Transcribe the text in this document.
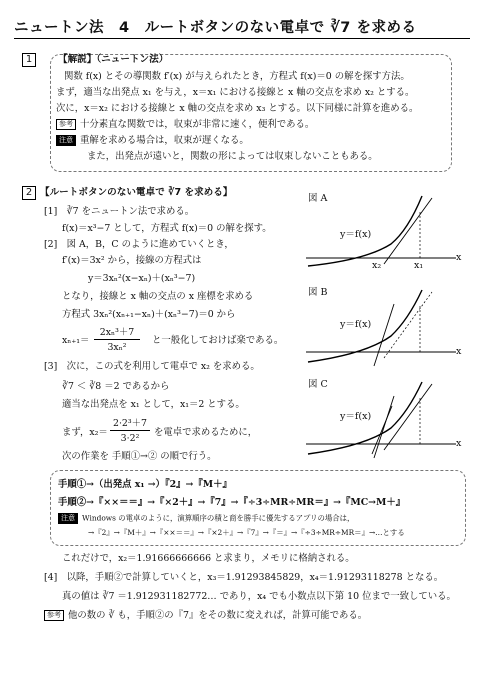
ニュートン法　4　ルートボタンのない電卓で ∛7 を求める
1	【解説】（ニュートン法）
関数 f(x) とその導関数 f′(x) が与えられたとき，方程式 f(x)＝0 の解を探す方法。
まず，適当な出発点 x₁ を与え，x＝x₁ における接線と x 軸の交点を求め x₂ とする。
次に，x＝x₂ における接線と x 軸の交点を求め x₃ とする。以下同様に計算を進める。
参考 十分素直な関数では，収束が非常に速く，便利である。
注意 重解を求める場合は，収束が遅くなる。
また，出発点が遠いと，関数の形によっては収束しないこともある。
2 【ルートボタンのない電卓で ∛7 を求める】
[1]　∛7 をニュートン法で求める。
f(x)＝x³−7 として，方程式 f(x)＝0 の解を探す。
[2]　図 A，B，C のように進めていくとき，
f′(x)＝3x² から，接線の方程式は
y＝3xₙ²(x−xₙ)＋(xₙ³−7)
となり，接線と x 軸の交点の x 座標を求める
方程式 3xₙ²(xₙ₊₁−xₙ)＋(xₙ³−7)＝0 から
xₙ₊₁＝
2xₙ³＋7
3xₙ²
と一般化しておけば楽である。
[3]　次に，この式を利用して電卓で x₂ を求める。
∛7 ＜ ∛8 ＝2 であるから
適当な出発点を x₁ として，x₁＝2 とする。
まず，x₂＝
2·2³＋7
3·2²
を電卓で求めるために，
次の作業を 手順①→② の順で行う。
図 A
y＝f(x)
x₂	x₁
x
図 B
y＝f(x)
x
図 C
y＝f(x)
x
手順①→（出発点 x₁ →）『2』→『M＋』
手順②→『××＝＝』→『×2＋』→『7』→『÷3÷MR÷MR＝』→『MC→M＋』
注意 Windows の電卓のように，演算順序の積と商を勝手に優先するアプリの場合は，
→『2』→『M＋』→『××＝＝』→『×2＋』→『7』→『＝』→『÷3÷MR÷MR＝』→…とする
これだけで，x₂＝1.91666666666 と求まり，メモリに格納される。
[4]　以降，手順②で計算していくと，x₃＝1.91293845829，x₄＝1.91293118278 となる。
真の値は ∛7 ＝1.912931182772… であり，x₄ でも小数点以下第 10 位まで一致している。
参考 他の数の ∛ も，手順②の『7』をその数に変えれば，計算可能である。
